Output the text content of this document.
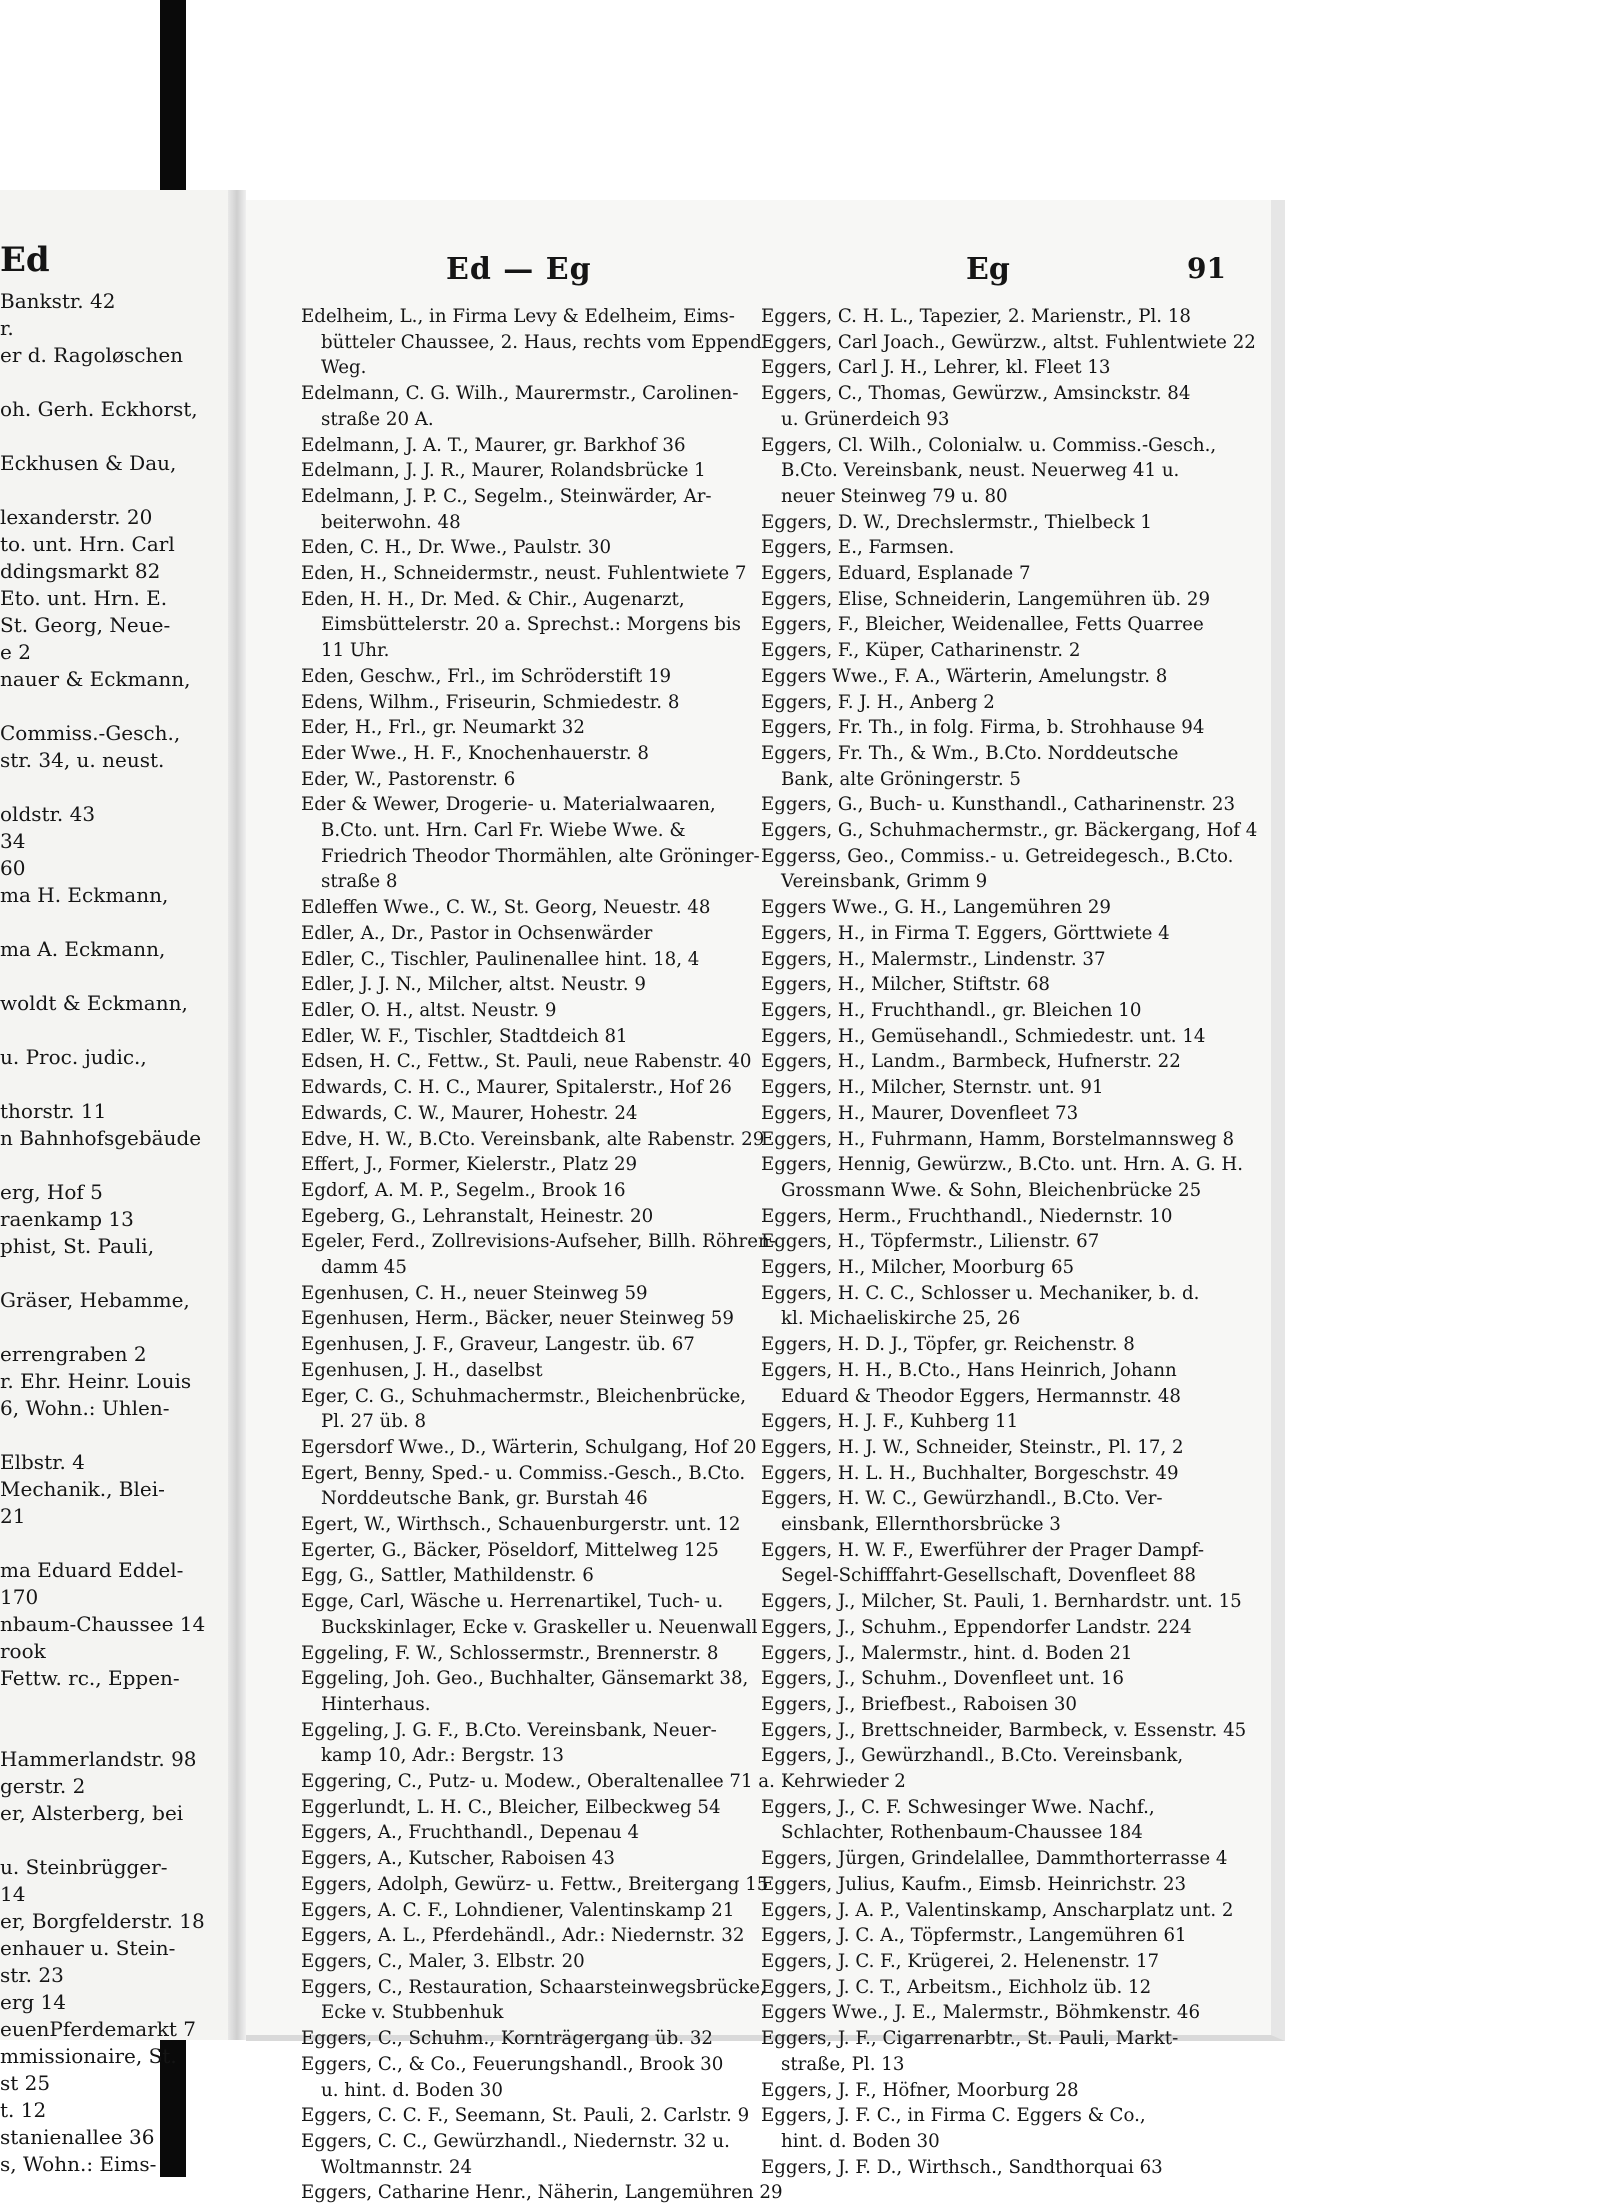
Ed
Bankstr. 42
r.
er d. Ragoløschen

oh. Gerh. Eckhorst,

Eckhusen & Dau,

lexanderstr. 20
to. unt. Hrn. Carl
ddingsmarkt 82
Eto. unt. Hrn. E.
St. Georg, Neue-
e 2
nauer & Eckmann,

Commiss.-Gesch.,
str. 34, u. neust.

oldstr. 43
34
60
ma H. Eckmann,

ma A. Eckmann,

woldt & Eckmann,

u. Proc. judic.,

thorstr. 11
n Bahnhofsgebäude

erg, Hof 5
raenkamp 13
phist, St. Pauli,

Gräser, Hebamme,

errengraben 2
r. Ehr. Heinr. Louis
6, Wohn.: Uhlen-

Elbstr. 4
Mechanik., Blei-
21

ma Eduard Eddel-
170
nbaum-Chaussee 14
rook
Fettw. rc., Eppen-

Hammerlandstr. 98
gerstr. 2
er, Alsterberg, bei

u. Steinbrügger-
14
er, Borgfelderstr. 18
enhauer u. Stein-
str. 23
erg 14
euenPferdemarkt 7
mmissionaire, St.
st 25
t. 12
stanienallee 36
s, Wohn.: Eims-
Ed — Eg	Eg	91
Edelheim, L., in Firma Levy & Edelheim, Eims-
bütteler Chaussee, 2. Haus, rechts vom Eppend.
Weg.
Edelmann, C. G. Wilh., Maurermstr., Carolinen-
straße 20 A.
Edelmann, J. A. T., Maurer, gr. Barkhof 36
Edelmann, J. J. R., Maurer, Rolandsbrücke 1
Edelmann, J. P. C., Segelm., Steinwärder, Ar-
beiterwohn. 48
Eden, C. H., Dr. Wwe., Paulstr. 30
Eden, H., Schneidermstr., neust. Fuhlentwiete 7
Eden, H. H., Dr. Med. & Chir., Augenarzt,
Eimsbüttelerstr. 20 a. Sprechst.: Morgens bis
11 Uhr.
Eden, Geschw., Frl., im Schröderstift 19
Edens, Wilhm., Friseurin, Schmiedestr. 8
Eder, H., Frl., gr. Neumarkt 32
Eder Wwe., H. F., Knochenhauerstr. 8
Eder, W., Pastorenstr. 6
Eder & Wewer, Drogerie- u. Materialwaaren,
B.Cto. unt. Hrn. Carl Fr. Wiebe Wwe. &
Friedrich Theodor Thormählen, alte Gröninger-
straße 8
Edleffen Wwe., C. W., St. Georg, Neuestr. 48
Edler, A., Dr., Pastor in Ochsenwärder
Edler, C., Tischler, Paulinenallee hint. 18, 4
Edler, J. J. N., Milcher, altst. Neustr. 9
Edler, O. H., altst. Neustr. 9
Edler, W. F., Tischler, Stadtdeich 81
Edsen, H. C., Fettw., St. Pauli, neue Rabenstr. 40
Edwards, C. H. C., Maurer, Spitalerstr., Hof 26
Edwards, C. W., Maurer, Hohestr. 24
Edve, H. W., B.Cto. Vereinsbank, alte Rabenstr. 29
Effert, J., Former, Kielerstr., Platz 29
Egdorf, A. M. P., Segelm., Brook 16
Egeberg, G., Lehranstalt, Heinestr. 20
Egeler, Ferd., Zollrevisions-Aufseher, Billh. Röhren-
damm 45
Egenhusen, C. H., neuer Steinweg 59
Egenhusen, Herm., Bäcker, neuer Steinweg 59
Egenhusen, J. F., Graveur, Langestr. üb. 67
Egenhusen, J. H., daselbst
Eger, C. G., Schuhmachermstr., Bleichenbrücke,
Pl. 27 üb. 8
Egersdorf Wwe., D., Wärterin, Schulgang, Hof 20
Egert, Benny, Sped.- u. Commiss.-Gesch., B.Cto.
Norddeutsche Bank, gr. Burstah 46
Egert, W., Wirthsch., Schauenburgerstr. unt. 12
Egerter, G., Bäcker, Pöseldorf, Mittelweg 125
Egg, G., Sattler, Mathildenstr. 6
Egge, Carl, Wäsche u. Herrenartikel, Tuch- u.
Buckskinlager, Ecke v. Graskeller u. Neuenwall
Eggeling, F. W., Schlossermstr., Brennerstr. 8
Eggeling, Joh. Geo., Buchhalter, Gänsemarkt 38,
Hinterhaus.
Eggeling, J. G. F., B.Cto. Vereinsbank, Neuer-
kamp 10, Adr.: Bergstr. 13
Eggering, C., Putz- u. Modew., Oberaltenallee 71 a.
Eggerlundt, L. H. C., Bleicher, Eilbeckweg 54
Eggers, A., Fruchthandl., Depenau 4
Eggers, A., Kutscher, Raboisen 43
Eggers, Adolph, Gewürz- u. Fettw., Breitergang 15
Eggers, A. C. F., Lohndiener, Valentinskamp 21
Eggers, A. L., Pferdehändl., Adr.: Niedernstr. 32
Eggers, C., Maler, 3. Elbstr. 20
Eggers, C., Restauration, Schaarsteinwegsbrücke,
Ecke v. Stubbenhuk
Eggers, C., Schuhm., Kornträgergang üb. 32
Eggers, C., & Co., Feuerungshandl., Brook 30
u. hint. d. Boden 30
Eggers, C. C. F., Seemann, St. Pauli, 2. Carlstr. 9
Eggers, C. C., Gewürzhandl., Niedernstr. 32 u.
Woltmannstr. 24
Eggers, Catharine Henr., Näherin, Langemühren 29
Eggers, C. H. L., Tapezier, 2. Marienstr., Pl. 18
Eggers, Carl Joach., Gewürzw., altst. Fuhlentwiete 22
Eggers, Carl J. H., Lehrer, kl. Fleet 13
Eggers, C., Thomas, Gewürzw., Amsinckstr. 84
u. Grünerdeich 93
Eggers, Cl. Wilh., Colonialw. u. Commiss.-Gesch.,
B.Cto. Vereinsbank, neust. Neuerweg 41 u.
neuer Steinweg 79 u. 80
Eggers, D. W., Drechslermstr., Thielbeck 1
Eggers, E., Farmsen.
Eggers, Eduard, Esplanade 7
Eggers, Elise, Schneiderin, Langemühren üb. 29
Eggers, F., Bleicher, Weidenallee, Fetts Quarree
Eggers, F., Küper, Catharinenstr. 2
Eggers Wwe., F. A., Wärterin, Amelungstr. 8
Eggers, F. J. H., Anberg 2
Eggers, Fr. Th., in folg. Firma, b. Strohhause 94
Eggers, Fr. Th., & Wm., B.Cto. Norddeutsche
Bank, alte Gröningerstr. 5
Eggers, G., Buch- u. Kunsthandl., Catharinenstr. 23
Eggers, G., Schuhmachermstr., gr. Bäckergang, Hof 4
Eggerss, Geo., Commiss.- u. Getreidegesch., B.Cto.
Vereinsbank, Grimm 9
Eggers Wwe., G. H., Langemühren 29
Eggers, H., in Firma T. Eggers, Görttwiete 4
Eggers, H., Malermstr., Lindenstr. 37
Eggers, H., Milcher, Stiftstr. 68
Eggers, H., Fruchthandl., gr. Bleichen 10
Eggers, H., Gemüsehandl., Schmiedestr. unt. 14
Eggers, H., Landm., Barmbeck, Hufnerstr. 22
Eggers, H., Milcher, Sternstr. unt. 91
Eggers, H., Maurer, Dovenfleet 73
Eggers, H., Fuhrmann, Hamm, Borstelmannsweg 8
Eggers, Hennig, Gewürzw., B.Cto. unt. Hrn. A. G. H.
Grossmann Wwe. & Sohn, Bleichenbrücke 25
Eggers, Herm., Fruchthandl., Niedernstr. 10
Eggers, H., Töpfermstr., Lilienstr. 67
Eggers, H., Milcher, Moorburg 65
Eggers, H. C. C., Schlosser u. Mechaniker, b. d.
kl. Michaeliskirche 25, 26
Eggers, H. D. J., Töpfer, gr. Reichenstr. 8
Eggers, H. H., B.Cto., Hans Heinrich, Johann
Eduard & Theodor Eggers, Hermannstr. 48
Eggers, H. J. F., Kuhberg 11
Eggers, H. J. W., Schneider, Steinstr., Pl. 17, 2
Eggers, H. L. H., Buchhalter, Borgeschstr. 49
Eggers, H. W. C., Gewürzhandl., B.Cto. Ver-
einsbank, Ellernthorsbrücke 3
Eggers, H. W. F., Ewerführer der Prager Dampf-
Segel-Schifffahrt-Gesellschaft, Dovenfleet 88
Eggers, J., Milcher, St. Pauli, 1. Bernhardstr. unt. 15
Eggers, J., Schuhm., Eppendorfer Landstr. 224
Eggers, J., Malermstr., hint. d. Boden 21
Eggers, J., Schuhm., Dovenfleet unt. 16
Eggers, J., Briefbest., Raboisen 30
Eggers, J., Brettschneider, Barmbeck, v. Essenstr. 45
Eggers, J., Gewürzhandl., B.Cto. Vereinsbank,
Kehrwieder 2
Eggers, J., C. F. Schwesinger Wwe. Nachf.,
Schlachter, Rothenbaum-Chaussee 184
Eggers, Jürgen, Grindelallee, Dammthorterrasse 4
Eggers, Julius, Kaufm., Eimsb. Heinrichstr. 23
Eggers, J. A. P., Valentinskamp, Anscharplatz unt. 2
Eggers, J. C. A., Töpfermstr., Langemühren 61
Eggers, J. C. F., Krügerei, 2. Helenenstr. 17
Eggers, J. C. T., Arbeitsm., Eichholz üb. 12
Eggers Wwe., J. E., Malermstr., Böhmkenstr. 46
Eggers, J. F., Cigarrenarbtr., St. Pauli, Markt-
straße, Pl. 13
Eggers, J. F., Höfner, Moorburg 28
Eggers, J. F. C., in Firma C. Eggers & Co.,
hint. d. Boden 30
Eggers, J. F. D., Wirthsch., Sandthorquai 63
